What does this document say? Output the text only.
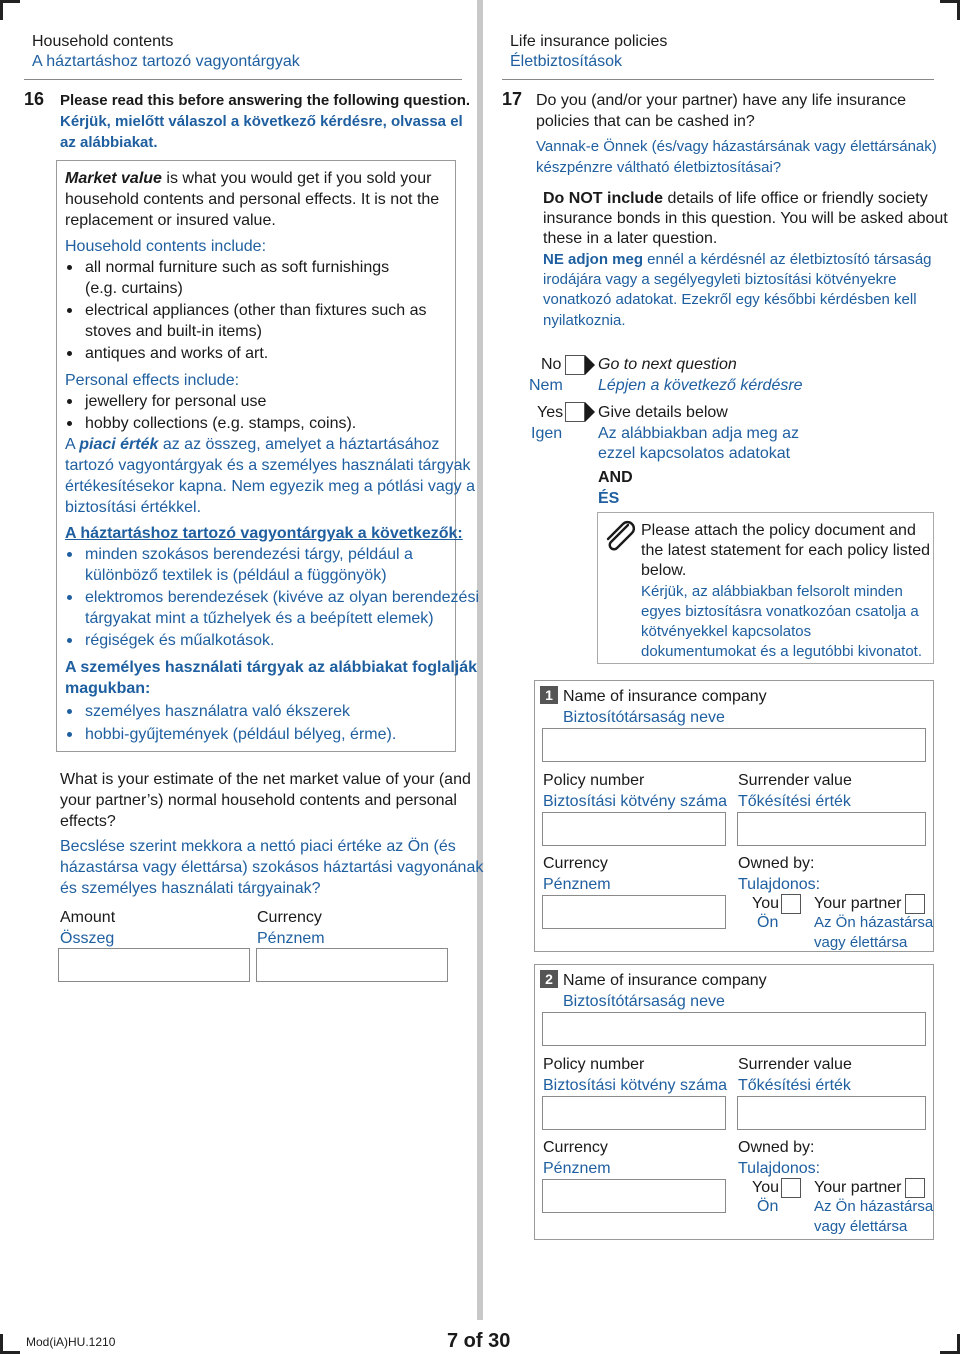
Household contents
A háztartáshoz tartozó vagyontárgyak
16 Please read this before answering the following question.
Kérjük, mielőtt válaszol a következő kérdésre, olvassa el
az alábbiakat.
Market value is what you would get if you sold your
household contents and personal effects. It is not the
replacement or insured value.
Household contents include:
all normal furniture such as soft furnishings
(e.g. curtains)
electrical appliances (other than fixtures such as
stoves and built-in items)
antiques and works of art.
Personal effects include:
jewellery for personal use
hobby collections (e.g. stamps, coins).
A piaci érték az az összeg, amelyet a háztartásához
tartozó vagyontárgyak és a személyes használati tárgyak
értékesítésekor kapna. Nem egyezik meg a pótlási vagy a
biztosítási értékkel.
A háztartáshoz tartozó vagyontárgyak a következők:
minden szokásos berendezési tárgy, például a
különböző textilek is (például a függönyök)
elektromos berendezések (kivéve az olyan berendezési
tárgyakat mint a tűzhelyek és a beépített elemek)
régiségek és műalkotások.
A személyes használati tárgyak az alábbiakat foglalják
magukban:
személyes használatra való ékszerek
hobbi-gyűjtemények (például bélyeg, érme).
What is your estimate of the net market value of your (and
your partner’s) normal household contents and personal
effects?
Becslése szerint mekkora a nettó piaci értéke az Ön (és
házastársa vagy élettársa) szokásos háztartási vagyonának
és személyes használati tárgyainak?
Amount
Összeg
Currency
Pénznem
Life insurance policies
Életbiztosítások
17 Do you (and/or your partner) have any life insurance
policies that can be cashed in?
Vannak-e Önnek (és/vagy házastársának vagy élettársának)
készpénzre váltható életbiztosításai?
Do NOT include details of life office or friendly society
insurance bonds in this question. You will be asked about
these in a later question.
NE adjon meg ennél a kérdésnél az életbiztosító társaság
irodájára vagy a segélyegyleti biztosítási kötvényekre
vonatkozó adatokat. Ezekről egy későbbi kérdésben kell
nyilatkoznia.
No
Nem
Go to next question
Lépjen a következő kérdésre
Yes
Igen
Give details below
Az alábbiakban adja meg az
ezzel kapcsolatos adatokat
AND
ÉS
Please attach the policy document and
the latest statement for each policy listed
below.
Kérjük, az alábbiakban felsorolt minden
egyes biztosításra vonatkozóan csatolja a
kötvényekkel kapcsolatos
dokumentumokat és a legutóbbi kivonatot.
1 Name of insurance company
Biztosítótársaság neve
Policy number
Biztosítási kötvény száma
Surrender value
Tőkésítési érték
Currency
Pénznem
Owned by:
Tulajdonos:
You
Ön
Your partner
Az Ön házastársa
vagy élettársa
2 Name of insurance company
Biztosítótársaság neve
Policy number
Biztosítási kötvény száma
Surrender value
Tőkésítési érték
Currency
Pénznem
Owned by:
Tulajdonos:
You
Ön
Your partner
Az Ön házastársa
vagy élettársa
Mod(iA)HU.1210	7 of 30
